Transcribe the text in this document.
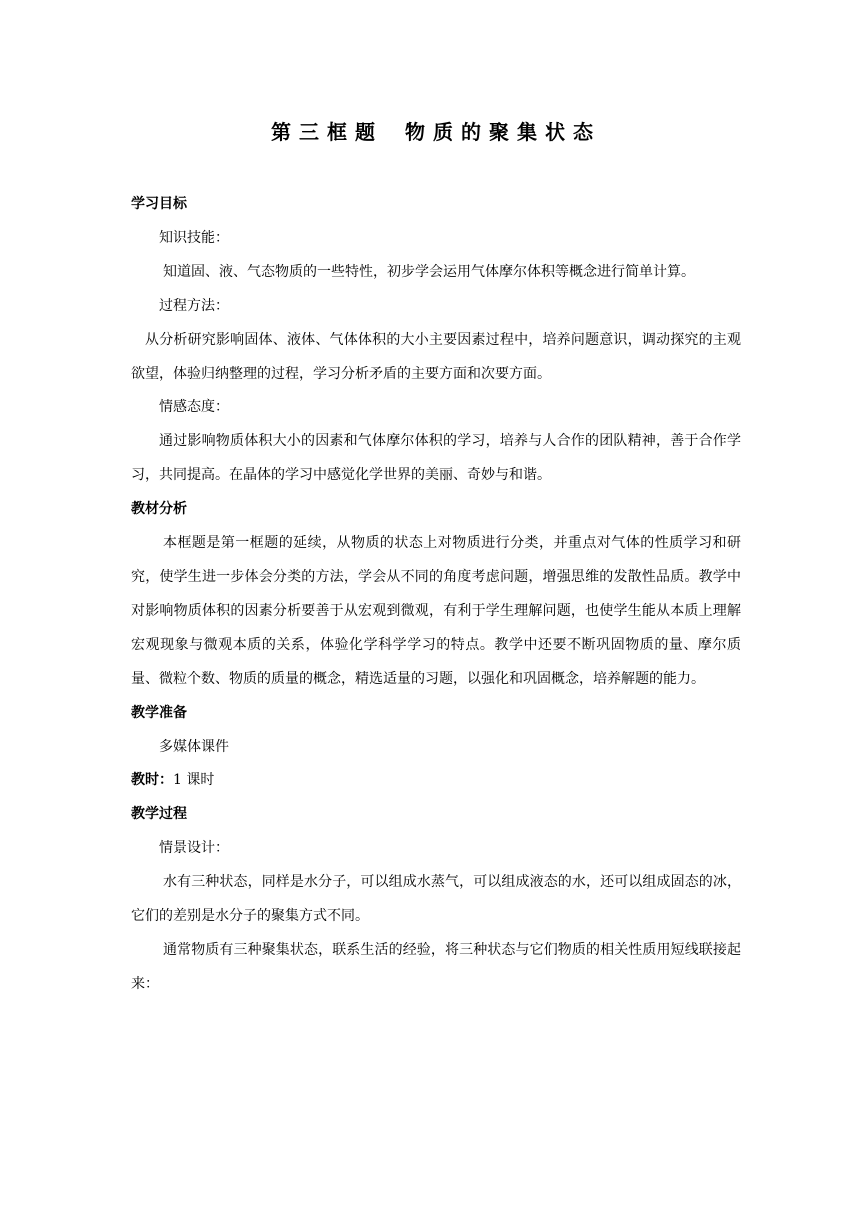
第三框题 物质的聚集状态
学习目标
知识技能：
知道固、液、气态物质的一些特性，初步学会运用气体摩尔体积等概念进行简单计算。
过程方法：
从分析研究影响固体、液体、气体体积的大小主要因素过程中，培养问题意识，调动探究的主观欲望，体验归纳整理的过程，学习分析矛盾的主要方面和次要方面。
情感态度：
通过影响物质体积大小的因素和气体摩尔体积的学习，培养与人合作的团队精神，善于合作学习，共同提高。在晶体的学习中感觉化学世界的美丽、奇妙与和谐。
教材分析
本框题是第一框题的延续，从物质的状态上对物质进行分类，并重点对气体的性质学习和研究，使学生进一步体会分类的方法，学会从不同的角度考虑问题，增强思维的发散性品质。教学中对影响物质体积的因素分析要善于从宏观到微观，有利于学生理解问题，也使学生能从本质上理解宏观现象与微观本质的关系，体验化学科学学习的特点。教学中还要不断巩固物质的量、摩尔质量、微粒个数、物质的质量的概念，精选适量的习题，以强化和巩固概念，培养解题的能力。
教学准备
多媒体课件
教时：1 课时
教学过程
情景设计：
水有三种状态，同样是水分子，可以组成水蒸气，可以组成液态的水，还可以组成固态的冰，它们的差别是水分子的聚集方式不同。
通常物质有三种聚集状态，联系生活的经验，将三种状态与它们物质的相关性质用短线联接起来：
